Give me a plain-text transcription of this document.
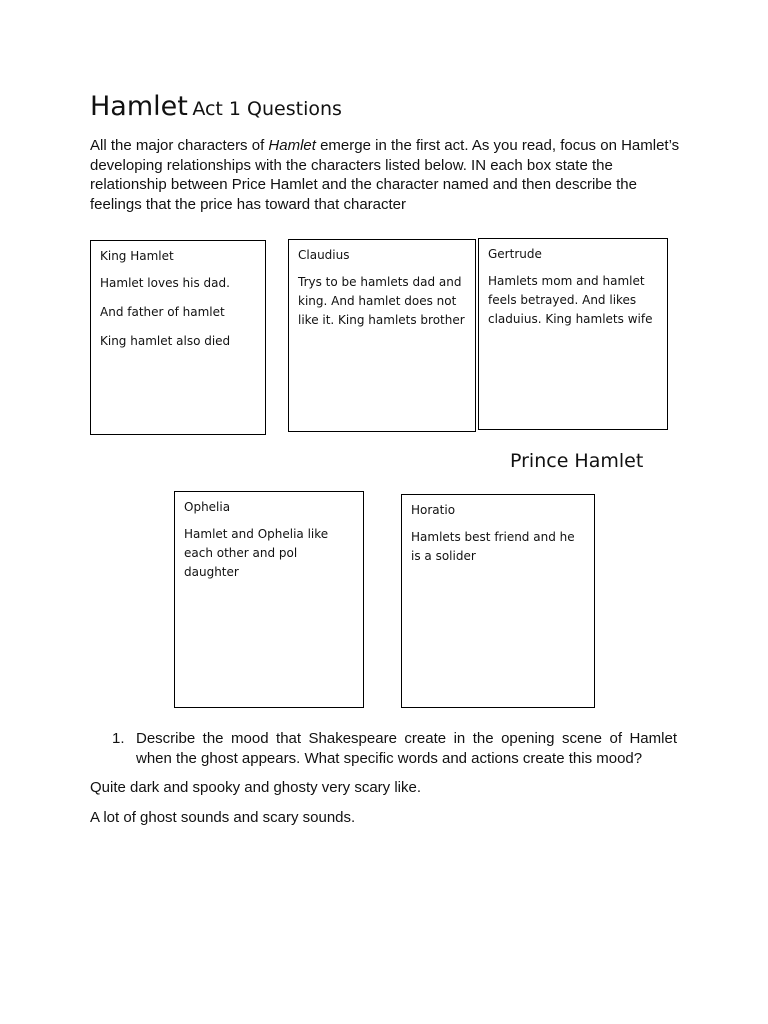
Hamlet Act 1 Questions

All the major characters of Hamlet emerge in the first act. As you read, focus on Hamlet’s developing relationships with the characters listed below. IN each box state the relationship between Price Hamlet and the character named and then describe the feelings that the price has toward that character

King Hamlet

Hamlet loves his dad.

And father of hamlet

King hamlet also died

Claudius

Trys to be hamlets dad and king. And hamlet does not like it. King hamlets brother

Gertrude

Hamlets mom and hamlet feels betrayed. And likes claduius. King hamlets wife

Prince Hamlet

Ophelia

Hamlet and Ophelia like each other and pol daughter

Horatio

Hamlets best friend and he is a solider

1. Describe the mood that Shakespeare create in the opening scene of Hamlet when the ghost appears. What specific words and actions create this mood?

Quite dark and spooky and ghosty very scary like.

A lot of ghost sounds and scary sounds.
